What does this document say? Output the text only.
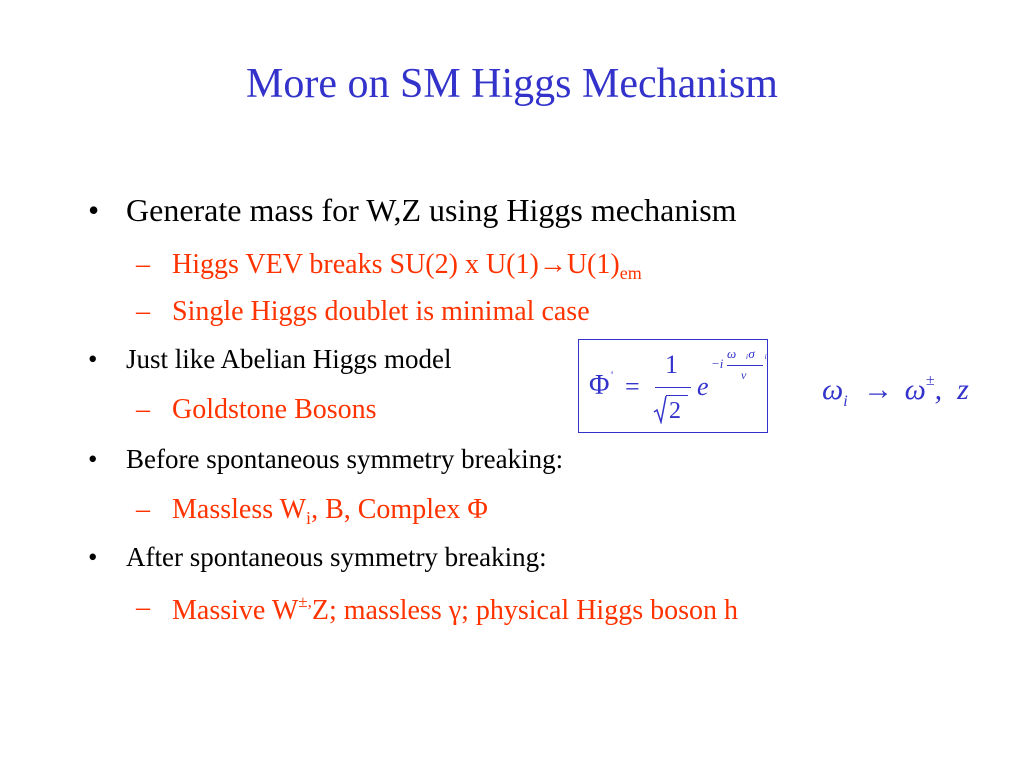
More on SM Higgs Mechanism
• Generate mass for W,Z using Higgs mechanism
– Higgs VEV breaks SU(2) x $U(1)\to U(1)_{em}$
– Single Higgs doublet is minimal case
• Just like Abelian Higgs model
– Goldstone Bosons
• Before spontaneous symmetry breaking:
– Massless $W_i$, B, Complex Φ
• After spontaneous symmetry breaking:
– Massive W±,Z; massless γ; physical Higgs boson h
Φ ' =
1
2
e
−i
ω⃗ᵢσ⃗ᵢ
v	$\omega_i \to \omega^\pm$,  z
